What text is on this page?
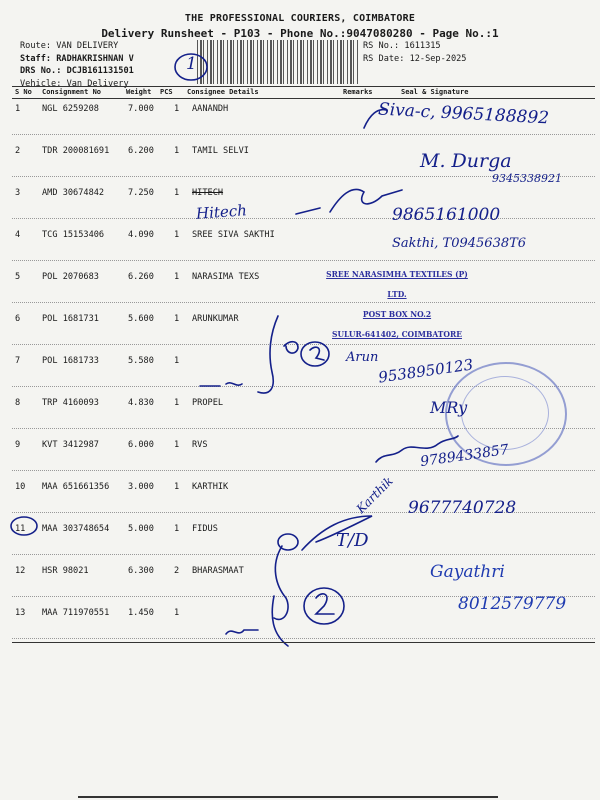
THE PROFESSIONAL COURIERS, COIMBATORE
Delivery Runsheet - P103 - Phone No.:9047080280 - Page No.:1
Route: VAN DELIVERY
Staff: RADHAKRISHNAN V
DRS No.: DCJB161131501
Vehicle: Van Delivery
RS No.: 1611315
RS Date: 12-Sep-2025
1
S No Consignment No	Weight PCS Consignee Details	Remarks	Seal & Signature
1	NGL 6259208	7.000 1 AANANDH
2	TDR 200081691 6.200 1 TAMIL SELVI
3	AMD 30674842	7.250 1 HITECH
4	TCG 15153406	4.090 1 SREE SIVA SAKTHI
5	POL 2070683	6.260 1 NARASIMA TEXS
6	POL 1681731	5.600 1 ARUNKUMAR
7	POL 1681733	5.580 1
8	TRP 4160093	4.830 1 PROPEL
9	KVT 3412987	6.000 1 RVS
10 MAA 651661356 3.000 1 KARTHIK
11 MAA 303748654 5.000 1 FIDUS
12 HSR 98021	6.300 2 BHARASMAAT
13 MAA 711970551 1.450 1
SREE NARASIMHA TEXTILES (P) LTD.
POST BOX NO.2
SULUR-641402, COIMBATORE
Siva-c, 9965188892
M. Durga
9345338921
Hitech	9865161000
Sakthi, T0945638T6
Arun
9538950123
MRy
9789433857
Karthik 9677740728
T/D
Gayathri
8012579779
